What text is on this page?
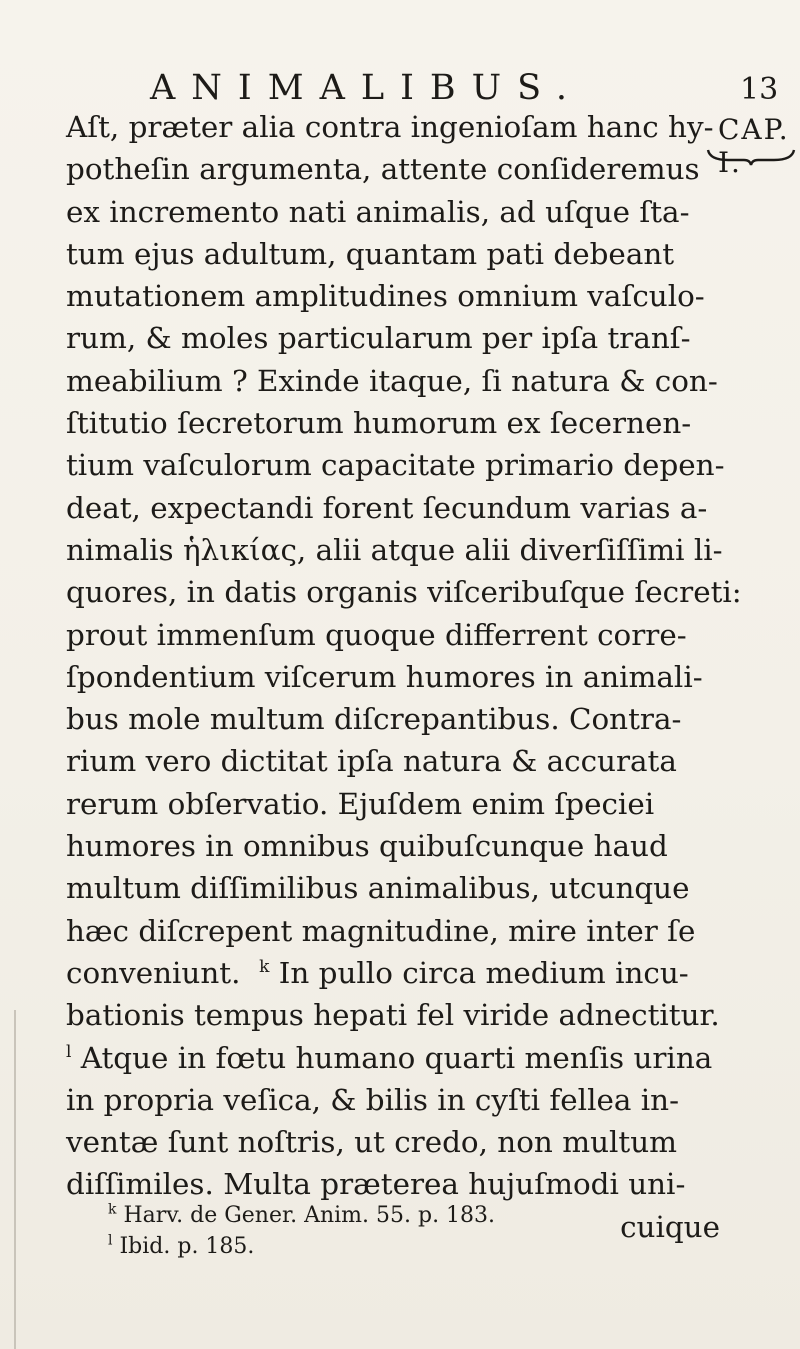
ANIMALIBUS.	13
CAP. I.
Aſt, præter alia contra ingenioſam hanc hy-
potheſin argumenta, attente conſideremus
ex incremento nati animalis, ad uſque ſta-
tum ejus adultum, quantam pati debeant
mutationem amplitudines omnium vaſculo-
rum, & moles particularum per ipſa tranſ-
meabilium ? Exinde itaque, ſi natura & con-
ſtitutio ſecretorum humorum ex ſecernen-
tium vaſculorum capacitate primario depen-
deat, expectandi forent ſecundum varias a-
nimalis ἡλικίας, alii atque alii diverſiſſimi li-
quores, in datis organis viſceribuſque ſecreti:
prout immenſum quoque differrent corre-
ſpondentium viſcerum humores in animali-
bus mole multum diſcrepantibus. Contra-
rium vero dictitat ipſa natura & accurata
rerum obſervatio. Ejuſdem enim ſpeciei
humores in omnibus quibuſcunque haud
multum diſſimilibus animalibus, utcunque
hæc diſcrepent magnitudine, mire inter ſe
conveniunt. $^k$ In pullo circa medium incu-
bationis tempus hepati fel viride adnectitur.
$^l$ Atque in fœtu humano quarti menſis urina
in propria veſica, & bilis in cyſti fellea in-
ventæ ſunt noſtris, ut credo, non multum
diſſimiles. Multa præterea hujuſmodi uni-
cuique
$^k$ Harv. de Gener. Anim. 55. p. 183.
$^l$ Ibid. p. 185.
